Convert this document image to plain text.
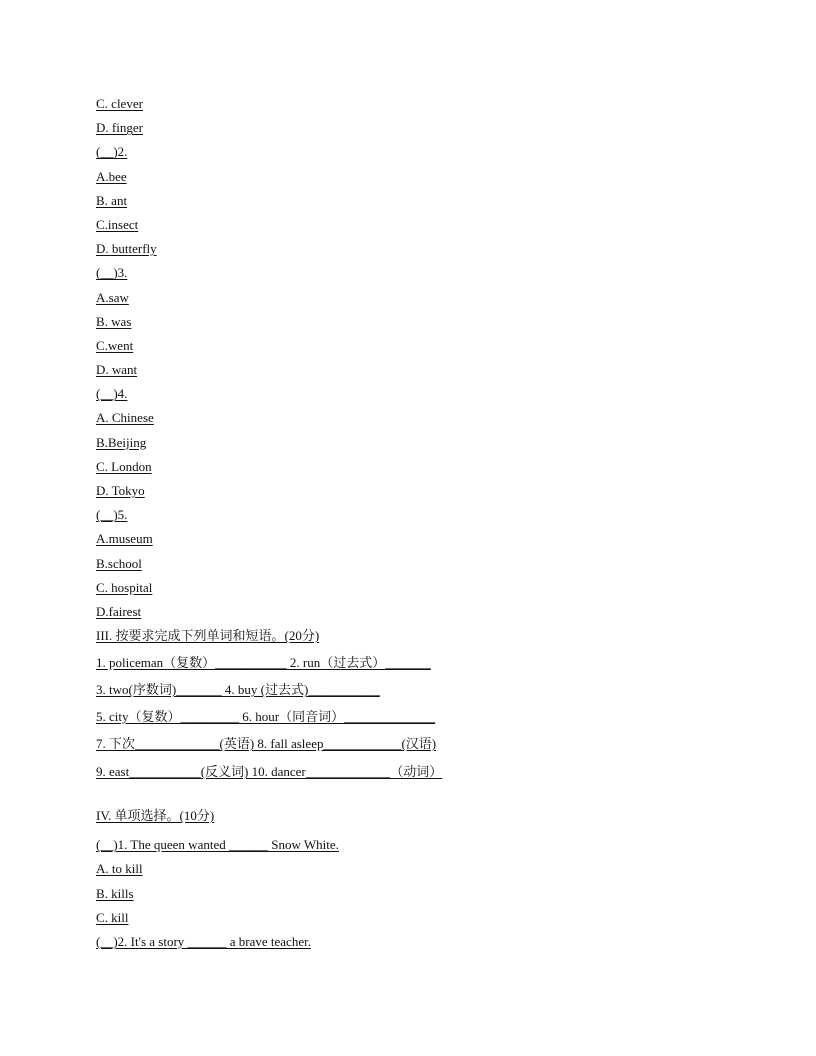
C. clever

D. finger

(__)2.

A.bee

B. ant

C.insect

D. butterfly

(__)3.

A.saw

B. was

C.went

D. want

(__)4.

A. Chinese

B.Beijing

C. London

D. Tokyo

(__)5.

A.museum

B.school

C. hospital

D.fairest

III. 按要求完成下列单词和短语。(20分)

1. policeman（复数）___________ 2. run（过去式）_______

3. two(序数词)_______ 4. buy (过去式)___________

5. city（复数）_________ 6. hour（同音词）______________

7. 下次_____________(英语) 8. fall asleep____________(汉语)

9. east___________(反义词) 10. dancer_____________（动词）

IV. 单项选择。(10分)

(__)1. The queen wanted ______ Snow White.

A. to kill

B. kills

C. kill

(__)2. It's a story ______ a brave teacher.
